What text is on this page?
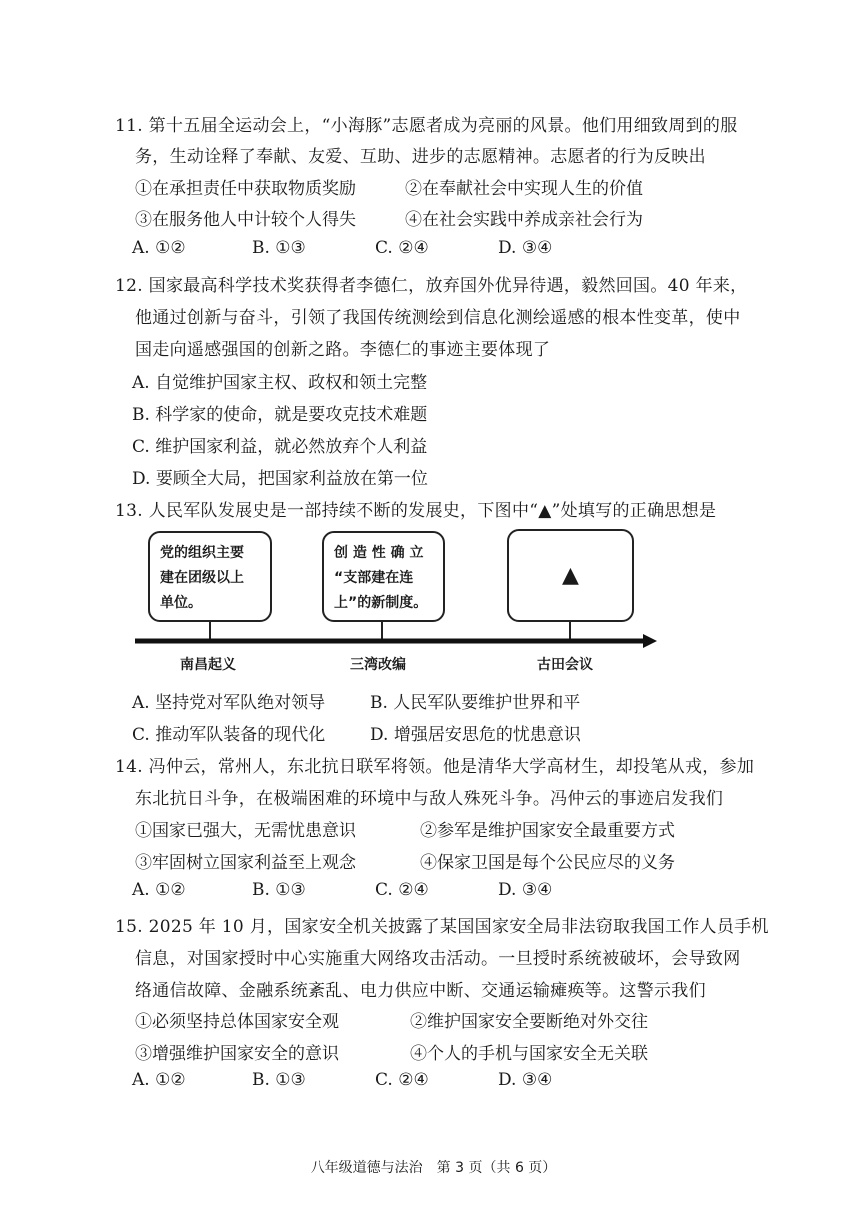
11. 第十五届全运动会上，“小海豚”志愿者成为亮丽的风景。他们用细致周到的服
务，生动诠释了奉献、友爱、互助、进步的志愿精神。志愿者的行为反映出
①在承担责任中获取物质奖励	②在奉献社会中实现人生的价值
③在服务他人中计较个人得失	④在社会实践中养成亲社会行为
A. ①②	B. ①③	C. ②④	D. ③④
12. 国家最高科学技术奖获得者李德仁，放弃国外优异待遇，毅然回国。40 年来，
他通过创新与奋斗，引领了我国传统测绘到信息化测绘遥感的根本性变革，使中
国走向遥感强国的创新之路。李德仁的事迹主要体现了
A. 自觉维护国家主权、政权和领土完整
B. 科学家的使命，就是要攻克技术难题
C. 维护国家利益，就必然放弃个人利益
D. 要顾全大局，把国家利益放在第一位
13. 人民军队发展史是一部持续不断的发展史，下图中“▲”处填写的正确思想是
党的组织主要
建在团级以上
单位。
创 造 性 确 立
“支部建在连
上”的新制度。
▲
南昌起义	三湾改编	古田会议
A. 坚持党对军队绝对领导	B. 人民军队要维护世界和平
C. 推动军队装备的现代化	D. 增强居安思危的忧患意识
14. 冯仲云，常州人，东北抗日联军将领。他是清华大学高材生，却投笔从戎，参加
东北抗日斗争，在极端困难的环境中与敌人殊死斗争。冯仲云的事迹启发我们
①国家已强大，无需忧患意识	②参军是维护国家安全最重要方式
③牢固树立国家利益至上观念	④保家卫国是每个公民应尽的义务
A. ①②	B. ①③	C. ②④	D. ③④
15. 2025 年 10 月，国家安全机关披露了某国国家安全局非法窃取我国工作人员手机
信息，对国家授时中心实施重大网络攻击活动。一旦授时系统被破坏，会导致网
络通信故障、金融系统紊乱、电力供应中断、交通运输瘫痪等。这警示我们
①必须坚持总体国家安全观	②维护国家安全要断绝对外交往
③增强维护国家安全的意识	④个人的手机与国家安全无关联
A. ①②	B. ①③	C. ②④	D. ③④
八年级道德与法治　第 3 页（共 6 页）
